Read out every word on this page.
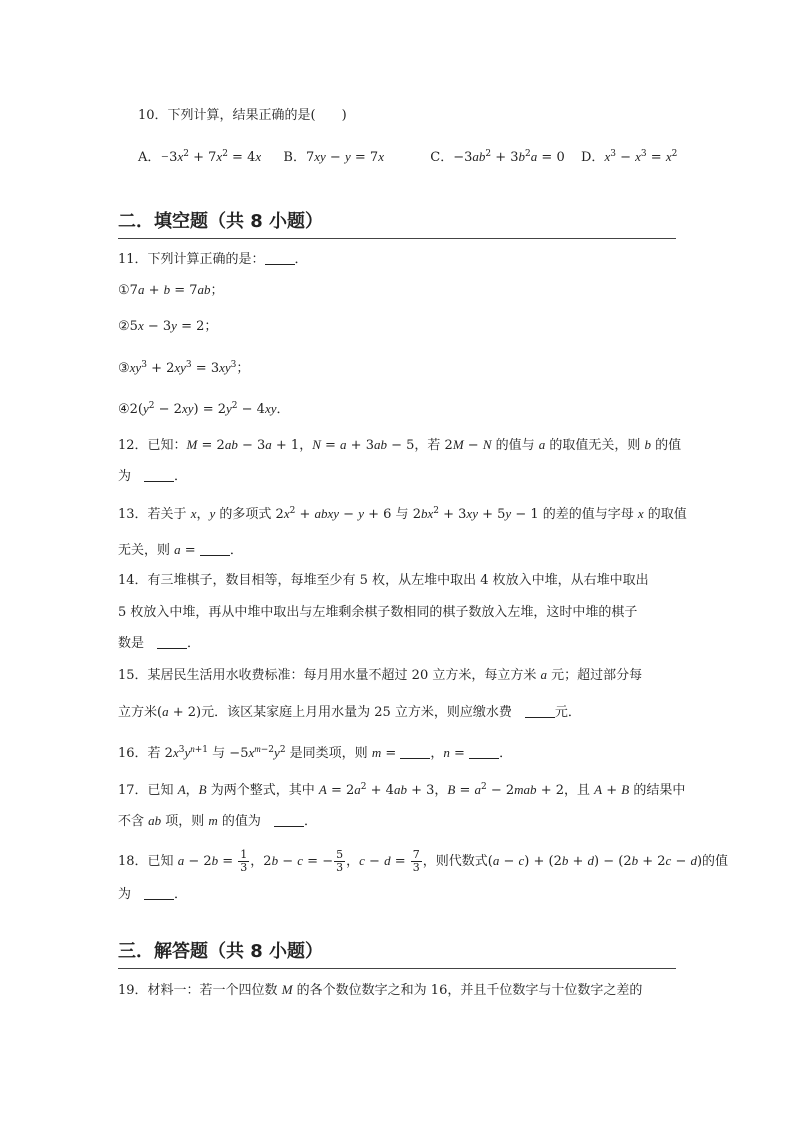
10．下列计算，结果正确的是(　　)
A．$-3x^2 + 7x^2 = 4x$ B．7xy − y = 7x	C．$-3ab^2 + 3b^2a = 0$ D．$x^3 - x^3 = x^2$
二．填空题（共 8 小题）
11．下列计算正确的是： ．
①7a + b = 7ab；
②5x − 3y = 2；
$③xy^3 + 2xy^3 = 3xy^3$；
$④2(y^2 - 2xy) = 2y^2 - 4xy$．
12．已知：M = 2ab − 3a + 1，N = a + 3ab − 5，若 2M − N 的值与 a 的取值无关，则 b 的值
为　	．
13．若关于 x，y 的多项式 $2x^2$ + abxy − y + 6 与 $2bx^2 + 3xy + 5y - 1$ 的差的值与字母 x 的取值
无关，则 a = ．
14．有三堆棋子，数目相等，每堆至少有 5 枚，从左堆中取出 4 枚放入中堆，从右堆中取出
5 枚放入中堆，再从中堆中取出与左堆剩余棋子数相同的棋子数放入左堆，这时中堆的棋子
数是　	．
15．某居民生活用水收费标准：每月用水量不超过 20 立方米，每立方米 a 元；超过部分每
立方米(a + 2)元．该区某家庭上月用水量为 25 立方米，则应缴水费　元．
16．若 $2x^3y^{n+1}$ 与 $-5x^{m-2}y^2$ 是同类项，则 m = ，n = ．
17．已知 A，B 为两个整式，其中 $A = 2a^2 + 4ab + 3$，$B = a^2 - 2mab + 2$，且 A + B 的结果中
不含 ab 项，则 m 的值为　．
18．已知 $a - 2b = \frac{1}{3}$ ，2b − c = − $\frac{5}{3}$ ，$c - d = \frac{7}{3}$ ，则代数式(a − c) + (2b + d) − (2b + 2c − d)的值
为　	．
三．解答题（共 8 小题）
19．材料一：若一个四位数 M 的各个数位数字之和为 16，并且千位数字与十位数字之差的
